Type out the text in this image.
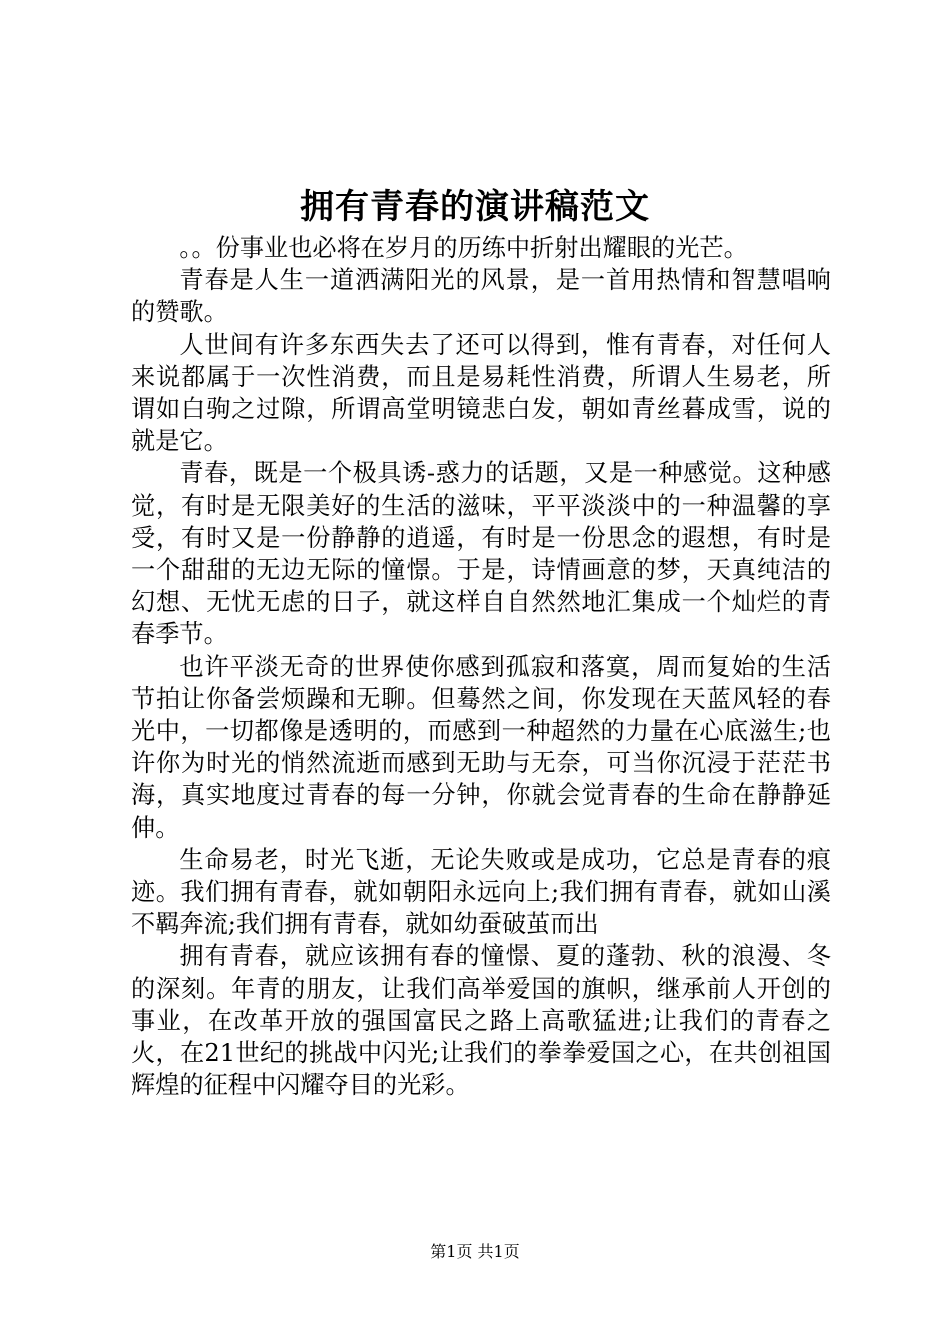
拥有青春的演讲稿范文

。。份事业也必将在岁月的历练中折射出耀眼的光芒。

青春是人生一道洒满阳光的风景，是一首用热情和智慧唱响的赞歌。

人世间有许多东西失去了还可以得到，惟有青春，对任何人来说都属于一次性消费，而且是易耗性消费，所谓人生易老，所谓如白驹之过隙，所谓高堂明镜悲白发，朝如青丝暮成雪，说的就是它。

青春，既是一个极具诱-惑力的话题，又是一种感觉。这种感觉，有时是无限美好的生活的滋味，平平淡淡中的一种温馨的享受，有时又是一份静静的逍遥，有时是一份思念的遐想，有时是一个甜甜的无边无际的憧憬。于是，诗情画意的梦，天真纯洁的幻想、无忧无虑的日子，就这样自自然然地汇集成一个灿烂的青春季节。

也许平淡无奇的世界使你感到孤寂和落寞，周而复始的生活节拍让你备尝烦躁和无聊。但蓦然之间，你发现在天蓝风轻的春光中，一切都像是透明的，而感到一种超然的力量在心底滋生;也许你为时光的悄然流逝而感到无助与无奈，可当你沉浸于茫茫书海，真实地度过青春的每一分钟，你就会觉青春的生命在静静延伸。

生命易老，时光飞逝，无论失败或是成功，它总是青春的痕迹。我们拥有青春，就如朝阳永远向上;我们拥有青春，就如山溪不羁奔流;我们拥有青春，就如幼蚕破茧而出

拥有青春，就应该拥有春的憧憬、夏的蓬勃、秋的浪漫、冬的深刻。年青的朋友，让我们高举爱国的旗帜，继承前人开创的事业，在改革开放的强国富民之路上高歌猛进;让我们的青春之火，在21世纪的挑战中闪光;让我们的拳拳爱国之心，在共创祖国辉煌的征程中闪耀夺目的光彩。

第1页 共1页
